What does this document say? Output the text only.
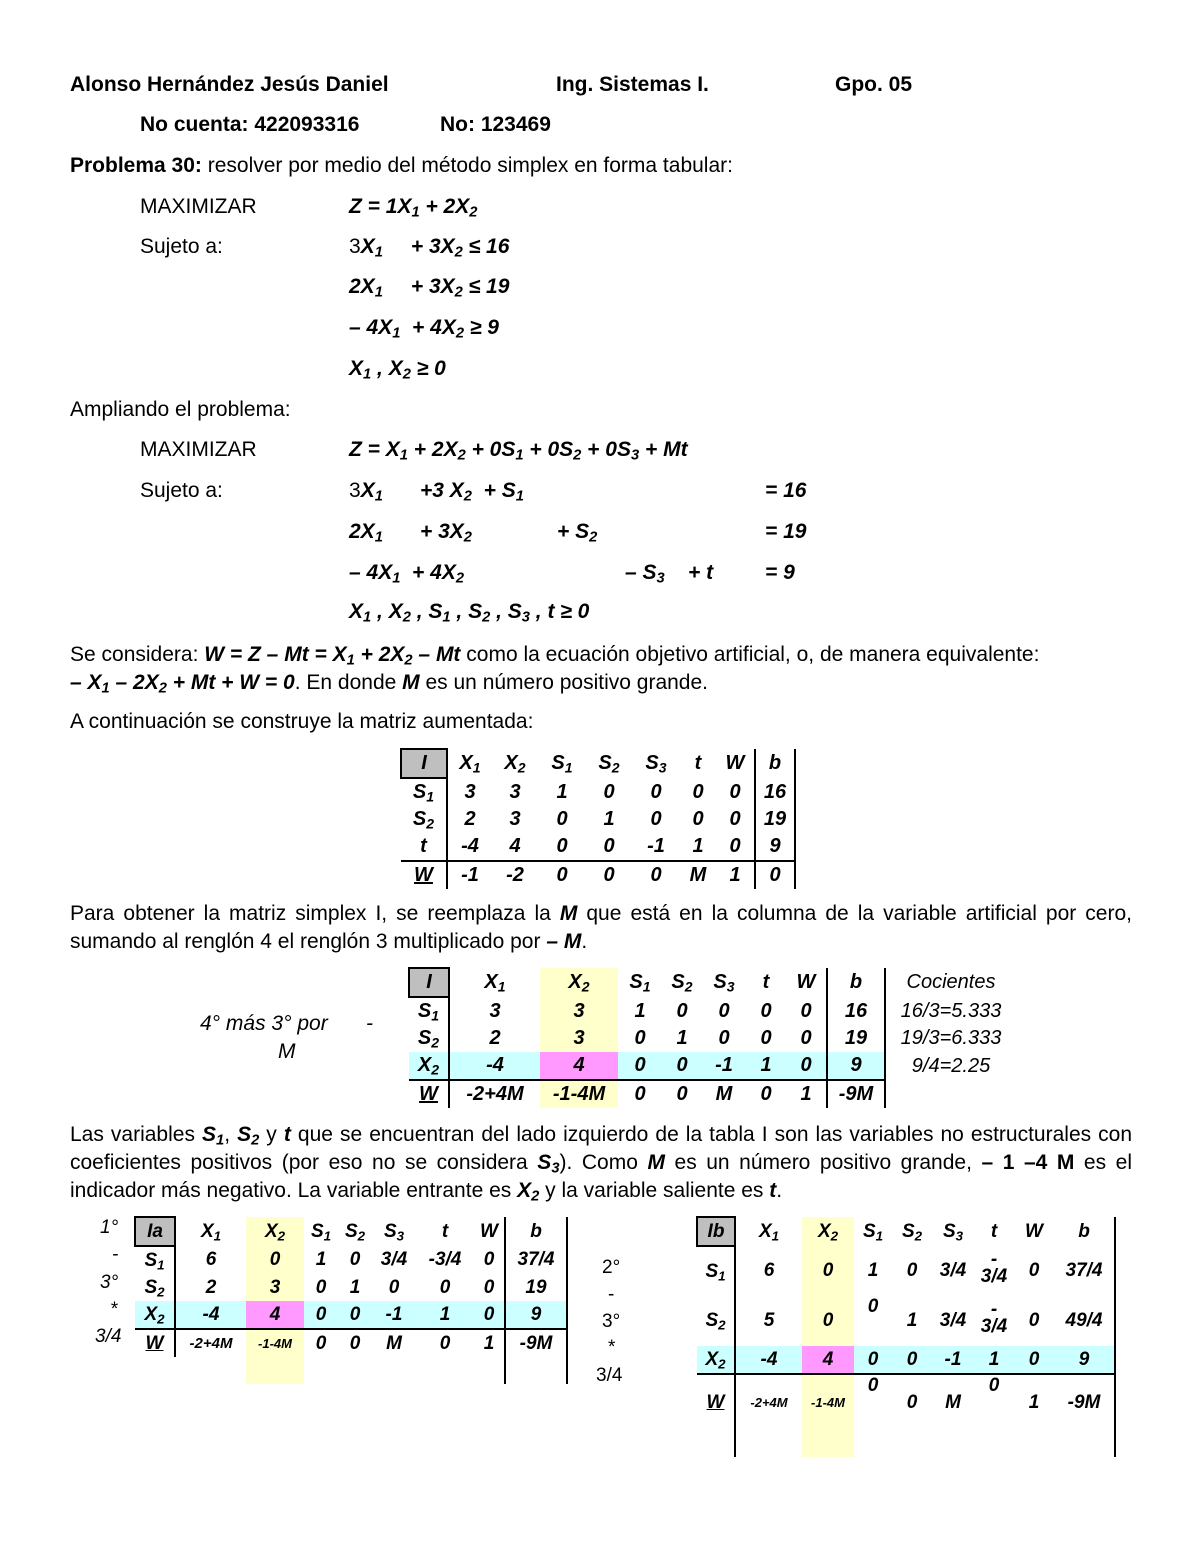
Alonso Hernández Jesús Daniel	Ing. Sistemas I.	Gpo. 05
No cuenta: 422093316	No: 123469
Problema 30: resolver por medio del método simplex en forma tabular:
MAXIMIZAR	$Z = 1X_1 + 2X_2$
Sujeto a:	$3X_1 + 3X_2 \le 16$
$2X_1 + 3X_2 \le 19$
– $4X_1 + 4X_2 \ge 9$
$X_1$ , $X_2 \ge 0$
Ampliando el problema:
MAXIMIZAR	$Z = X_1 + 2X_2 + 0S_1 + 0S_2 + 0S_3 + Mt$
Sujeto a:	$3X_1 +3$ $X_2 + S_1$	= 16
$2X_1 + 3X_2$	+ $S_2$	= 19
– $4X_1 + 4X_2$	– $S_3$    + t = 9
$X_1$ , $X_2$ , $S_1$ , $S_2$ , $S_3$ , t ≥ 0
Se considera: $W = Z - Mt = X_1 + 2X_2 - Mt$ como la ecuación objetivo artificial, o, de manera equivalente:
– $X_1 - 2X_2 + Mt + W = 0$. En donde M es un número positivo grande.
A continuación se construye la matriz aumentada:
I	$X_1$	$X_2$	$S_1$	$S_2$	$S_3$	t	W	b
$S_1$	3	3	1	0	0	0	0	16
$S_2$	2	3	0	1	0	0	0	19
t	-4	4	0	0	-1	1	0	9
W	-1	-2	0	0	0	M	1	0
Para obtener la matriz simplex I, se reemplaza la M que está en la columna de la variable artificial por cero, sumando al renglón 4 el renglón 3 multiplicado por – M.
4° más 3° por -
M
I	$X_1$	$X_2$	$S_1$	$S_2$	$S_3$	t	W	b	Cocientes
$S_1$	3	3	1	0	0	0	0	16	16/3=5.333
$S_2$	2	3	0	1	0	0	0	19	19/3=6.333
$X_2$	-4	4	0	0	-1	1	0	9	9/4=2.25
W	-2+4M	-1-4M	0	0	M	0	1	-9M	
Las variables $S_1$, $S_2$ y t que se encuentran del lado izquierdo de la tabla I son las variables no estructurales con coeficientes positivos (por eso no se considera $S_3$). Como M es un número positivo grande, – 1 –4 M es el indicador más negativo. La variable entrante es $X_2$ y la variable saliente es t.
1°
-
3°
*
3/4
Ia	$X_1$	$X_2$	$S_1$	$S_2$	$S_3$	t	W	b
$S_1$	6	0	1	0	3/4	-3/4	0	37/4
$S_2$	2	3	0	1	0	0	0	19
$X_2$	-4	4	0	0	-1	1	0	9
W	-2+4M	-1-4M	0	0	M	0	1	-9M

2°
-
3°
*
3/4
Ib	$X_1$	$X_2$	$S_1$	$S_2$	$S_3$	t	W	b
$S_1$	6	0	1	0	3/4	-
3/4	0	37/4
$S_2$	5	0	0	1	3/4	-
3/4	0	49/4
$X_2$	-4	4	0	0	-1	1	0	9
W	-2+4M	-1-4M	0	0	M	0	1	-9M
